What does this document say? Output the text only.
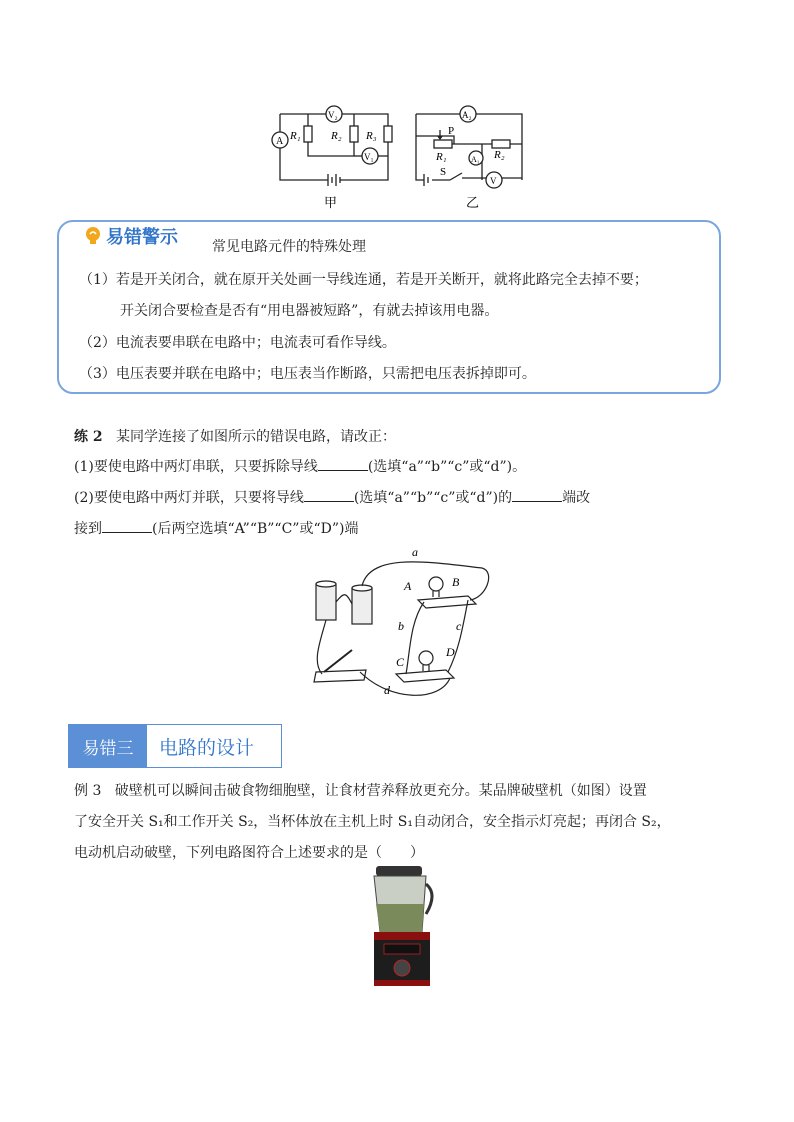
A
V₂
V₁
R₁	R₂ R₃
甲
A₂
A₁
V
P
R₁	R₂
S
乙
易错警示 常见电路元件的特殊处理
（1）若是开关闭合，就在原开关处画一导线连通，若是开关断开，就将此路完全去掉不要；
开关闭合要检查是否有“用电器被短路”，有就去掉该用电器。
（2）电流表要串联在电路中；电流表可看作导线。
（3）电压表要并联在电路中；电压表当作断路，只需把电压表拆掉即可。
练 2 某同学连接了如图所示的错误电路，请改正：
(1)要使电路中两灯串联，只要拆除导线	(选填“a”“b”“c”或“d”)。
(2)要使电路中两灯并联，只要将导线	(选填“a”“b”“c”或“d”)的	端改
接到	(后两空选填“A”“B”“C”或“D”)端
a
b	c
d
A	B
C
D
易错三	电路的设计
例 3 破壁机可以瞬间击破食物细胞壁，让食材营养释放更充分。某品牌破壁机（如图）设置
了安全开关 S₁和工作开关 S₂，当杯体放在主机上时 S₁自动闭合，安全指示灯亮起；再闭合 S₂，
电动机启动破壁，下列电路图符合上述要求的是（　　）
